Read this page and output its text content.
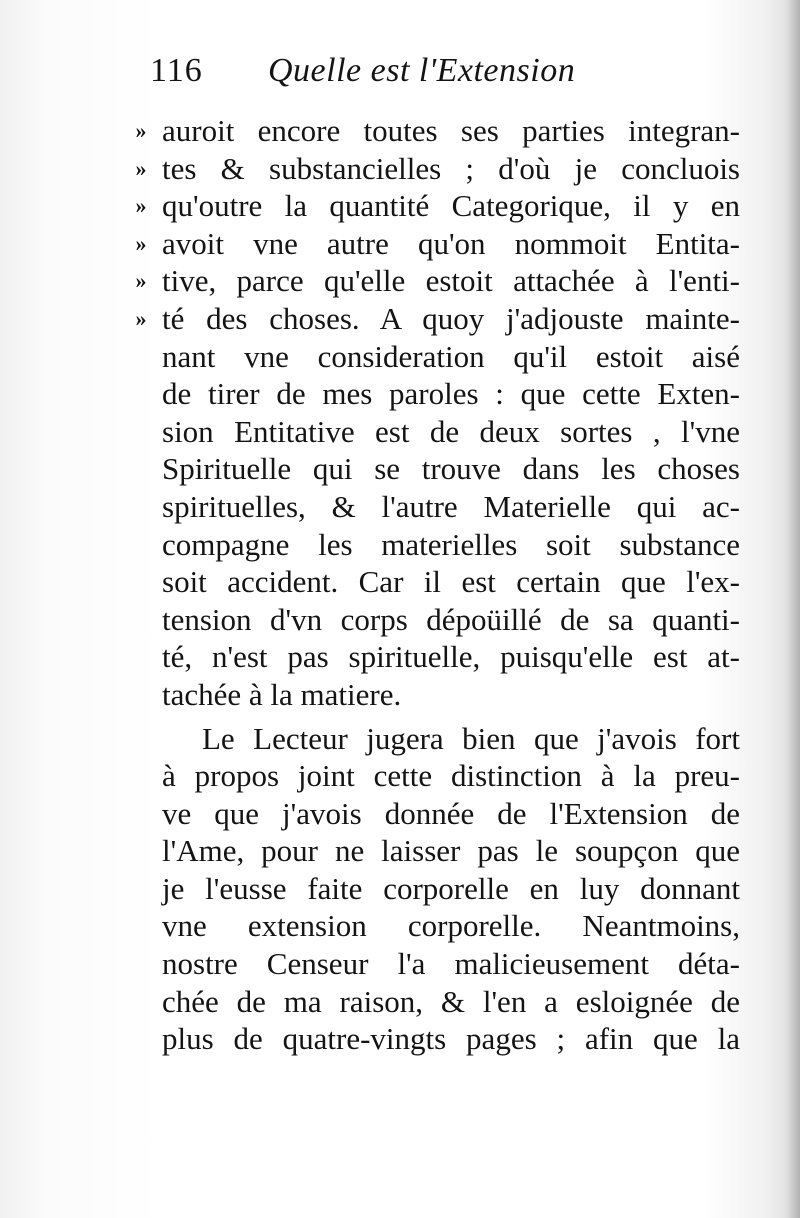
116 Quelle est l'Extension
» auroit encore toutes ses parties integran-
» tes & substancielles ; d'où je concluois
» qu'outre la quantité Categorique, il y en
» avoit vne autre qu'on nommoit Entita-
» tive, parce qu'elle estoit attachée à l'enti-
» té des choses. A quoy j'adjouste mainte-
nant vne consideration qu'il estoit aisé
de tirer de mes paroles : que cette Exten-
sion Entitative est de deux sortes , l'vne
Spirituelle qui se trouve dans les choses
spirituelles, & l'autre Materielle qui ac-
compagne les materielles soit substance
soit accident. Car il est certain que l'ex-
tension d'vn corps dépoüillé de sa quanti-
té, n'est pas spirituelle, puisqu'elle est at-
tachée à la matiere.
Le Lecteur jugera bien que j'avois fort
à propos joint cette distinction à la preu-
ve que j'avois donnée de l'Extension de
l'Ame, pour ne laisser pas le soupçon que
je l'eusse faite corporelle en luy donnant
vne extension corporelle. Neantmoins,
nostre Censeur l'a malicieusement déta-
chée de ma raison, & l'en a esloignée de
plus de quatre-vingts pages ; afin que la
